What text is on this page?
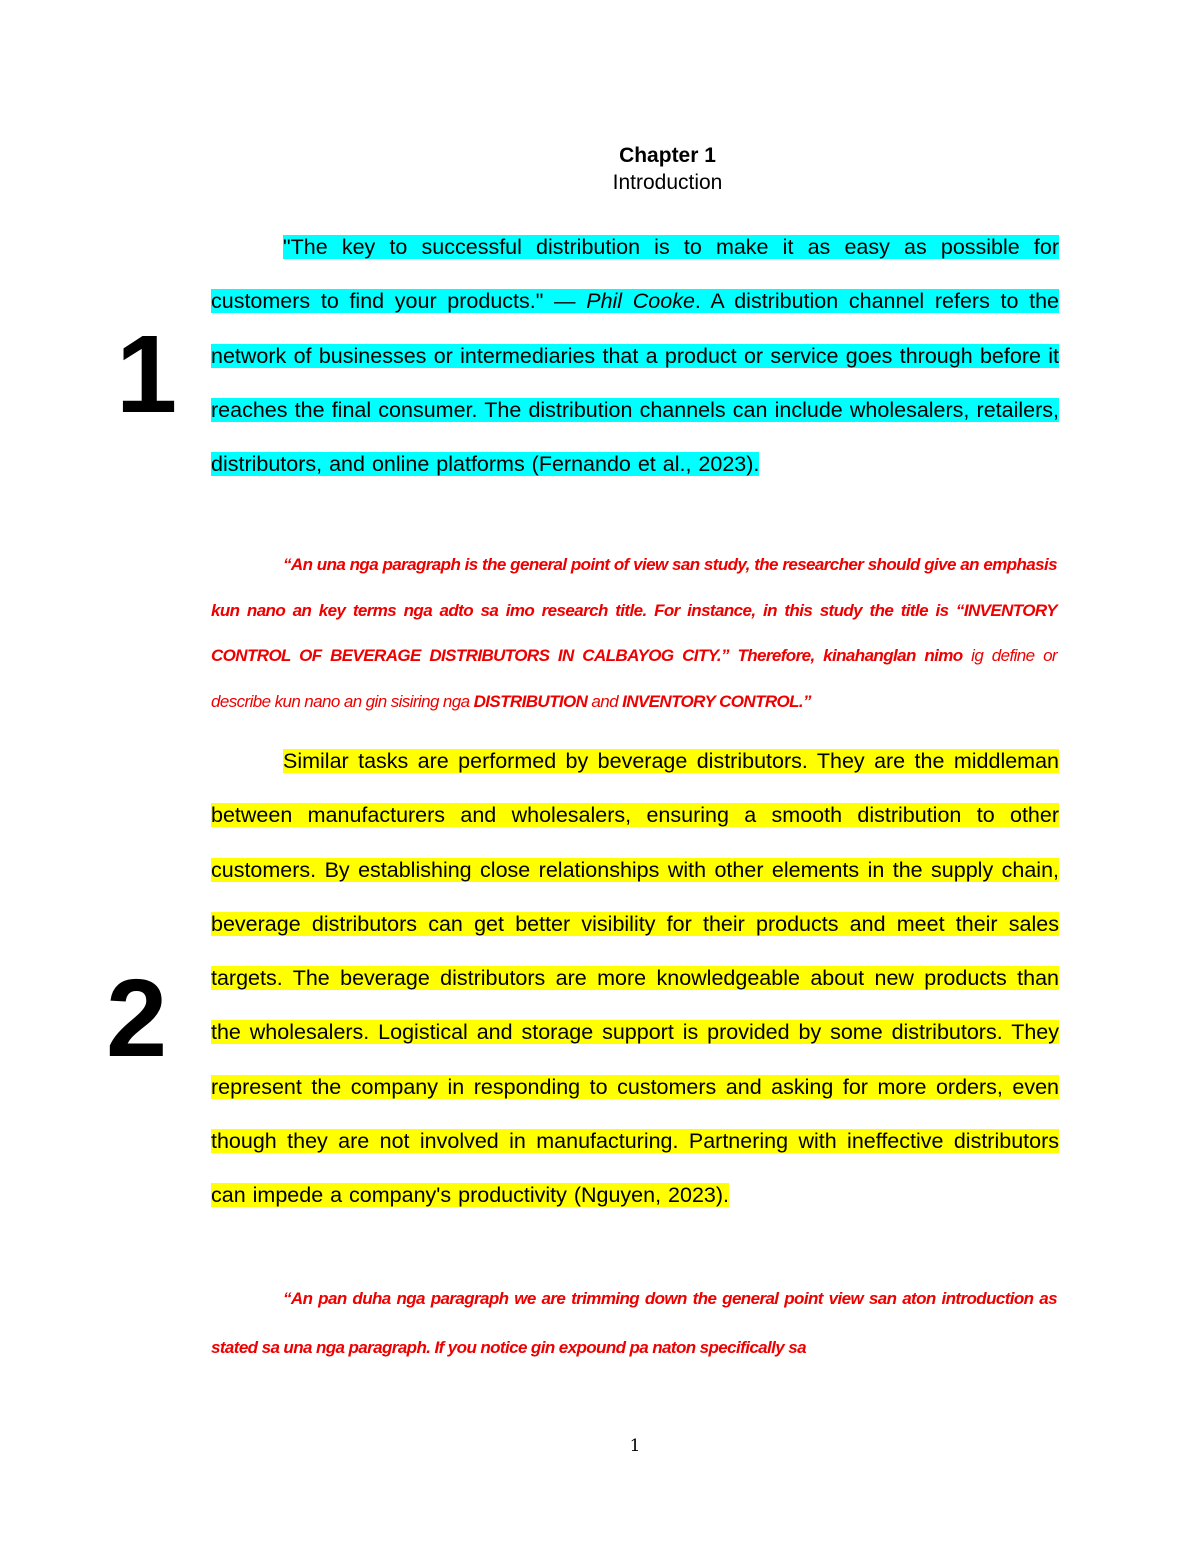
Chapter 1
Introduction
1

"The key to successful distribution is to make it as easy as possible for customers to find your products." — Phil Cooke. A distribution channel refers to the network of businesses or intermediaries that a product or service goes through before it reaches the final consumer. The distribution channels can include wholesalers, retailers, distributors, and online platforms (Fernando et al., 2023).

“An una nga paragraph is the general point of view san study, the researcher should give an emphasis kun nano an key terms nga adto sa imo research title. For instance, in this study the title is “INVENTORY CONTROL OF BEVERAGE DISTRIBUTORS IN CALBAYOG CITY.” Therefore, kinahanglan nimo ig define or describe kun nano an gin sisiring nga DISTRIBUTION and INVENTORY CONTROL.”

2

Similar tasks are performed by beverage distributors. They are the middleman between manufacturers and wholesalers, ensuring a smooth distribution to other customers. By establishing close relationships with other elements in the supply chain, beverage distributors can get better visibility for their products and meet their sales targets. The beverage distributors are more knowledgeable about new products than the wholesalers. Logistical and storage support is provided by some distributors. They represent the company in responding to customers and asking for more orders, even though they are not involved in manufacturing. Partnering with ineffective distributors can impede a company's productivity (Nguyen, 2023).

“An pan duha nga paragraph we are trimming down the general point view san aton introduction as stated sa una nga paragraph. If you notice gin expound pa naton specifically sa

1
